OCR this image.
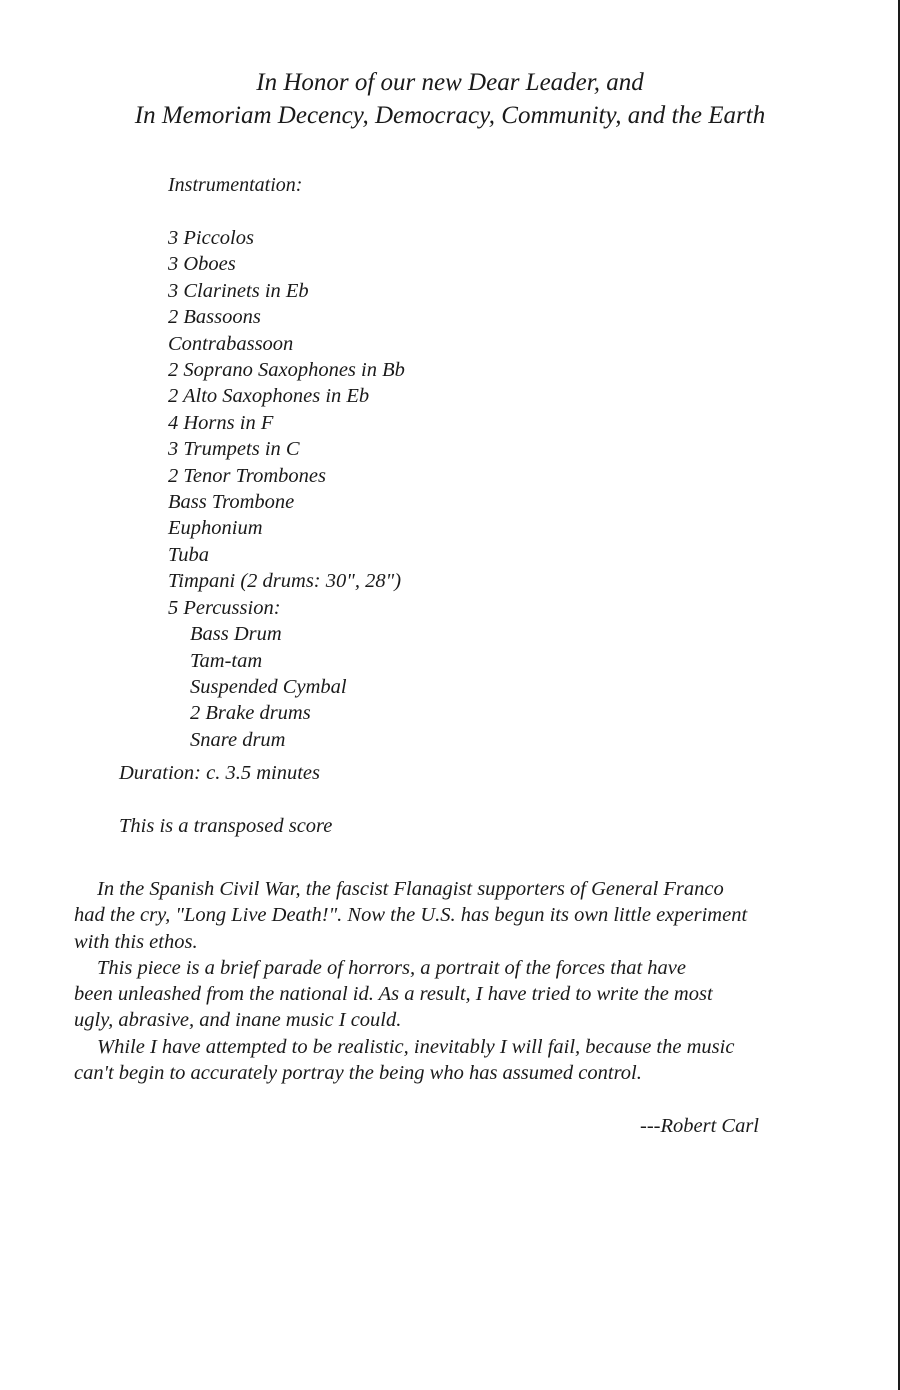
In Honor of our new Dear Leader, and
In Memoriam Decency, Democracy, Community, and the Earth
Instrumentation:
3 Piccolos
3 Oboes
3 Clarinets in Eb
2 Bassoons
Contrabassoon
2 Soprano Saxophones in Bb
2 Alto Saxophones in Eb
4 Horns in F
3 Trumpets in C
2 Tenor Trombones
Bass Trombone
Euphonium
Tuba
Timpani (2 drums: 30", 28")
5 Percussion:
Bass Drum
Tam-tam
Suspended Cymbal
2 Brake drums
Snare drum
Duration: c. 3.5 minutes
This is a transposed score
In the Spanish Civil War, the fascist Flanagist supporters of General Franco
had the cry, "Long Live Death!". Now the U.S. has begun its own little experiment
with this ethos.
This piece is a brief parade of horrors, a portrait of the forces that have
been unleashed from the national id. As a result, I have tried to write the most
ugly, abrasive, and inane music I could.
While I have attempted to be realistic, inevitably I will fail, because the music
can't begin to accurately portray the being who has assumed control.
---Robert Carl
